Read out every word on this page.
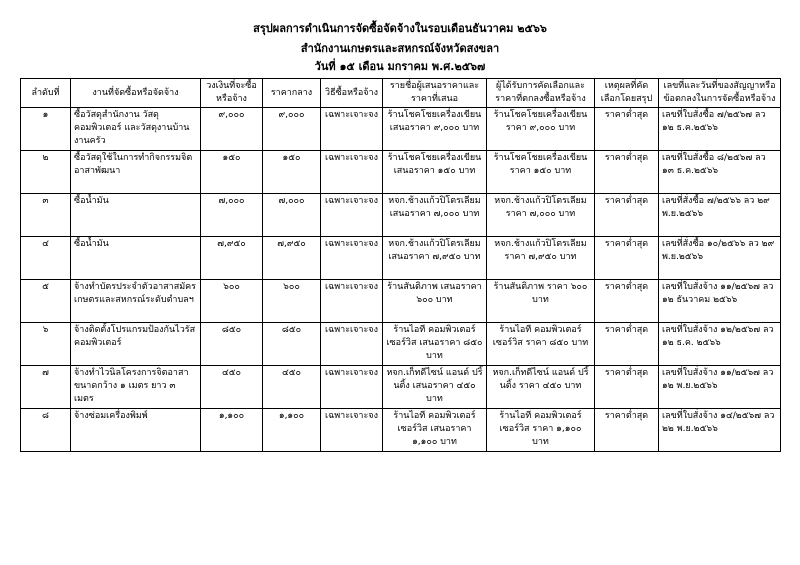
สรุปผลการดำเนินการจัดซื้อจัดจ้างในรอบเดือนธันวาคม ๒๕๖๖
สำนักงานเกษตรและสหกรณ์จังหวัดสงขลา
วันที่ ๑๕ เดือน มกราคม พ.ศ.๒๕๖๗
ลำดับที่	งานที่จัดซื้อหรือจัดจ้าง	วงเงินที่จะซื้อหรือจ้าง	ราคากลาง	วิธีซื้อหรือจ้าง	รายชื่อผู้เสนอราคาและราคาที่เสนอ	ผู้ได้รับการคัดเลือกและราคาที่ตกลงซื้อหรือจ้าง	เหตุผลที่คัดเลือกโดยสรุป	เลขที่และวันที่ของสัญญาหรือข้อตกลงในการจัดซื้อหรือจ้าง
๑	ซื้อวัสดุสำนักงาน วัสดุคอมพิวเตอร์ และวัสดุงานบ้านงานครัว	๙,๐๐๐	๙,๐๐๐	เฉพาะเจาะจง	ร้านโชคโชยเครื่องเขียน เสนอราคา ๙,๐๐๐ บาท	ร้านโชคโชยเครื่องเขียน ราคา ๙,๐๐๐ บาท	ราคาต่ำสุด	เลขที่ใบสั่งซื้อ ๗/๒๕๖๗ ลว ๑๒ ธ.ค.๒๕๖๖
๒	ซื้อวัสดุใช้ในการทำกิจกรรมจิตอาสาพัฒนา	๑๕๐	๑๕๐	เฉพาะเจาะจง	ร้านโชคโชยเครื่องเขียน เสนอราคา ๑๕๐ บาท	ร้านโชคโชยเครื่องเขียน ราคา ๑๕๐ บาท	ราคาต่ำสุด	เลขที่ใบสั่งซื้อ ๘/๒๕๖๗ ลว ๑๓ ธ.ค.๒๕๖๖
๓	ซื้อน้ำมัน	๗,๐๐๐	๗,๐๐๐	เฉพาะเจาะจง	หจก.ช้างแก้วปิโตรเลียม เสนอราคา ๗,๐๐๐ บาท	หจก.ช้างแก้วปิโตรเลียม ราคา ๗,๐๐๐ บาท	ราคาต่ำสุด	เลขที่สั่งซื้อ ๗/๒๕๖๖ ลว ๒๙ พ.ย.๒๕๖๖
๔	ซื้อน้ำมัน	๗,๙๕๐	๗,๙๕๐	เฉพาะเจาะจง	หจก.ช้างแก้วปิโตรเลียม เสนอราคา ๗,๙๕๐ บาท	หจก.ช้างแก้วปิโตรเลียม ราคา ๗,๙๕๐ บาท	ราคาต่ำสุด	เลขที่สั่งซื้อ ๑๐/๒๕๖๖ ลว ๒๙ พ.ย.๒๕๖๖
๕	จ้างทำบัตรประจำตัวอาสาสมัครเกษตรและสหกรณ์ระดับตำบลฯ	๖๐๐	๖๐๐	เฉพาะเจาะจง	ร้านสันติภาพ เสนอราคา ๖๐๐ บาท	ร้านสันติภาพ ราคา ๖๐๐ บาท	ราคาต่ำสุด	เลขที่ใบสั่งจ้าง ๑๑/๒๕๖๗ ลว ๑๒ ธันวาคม ๒๕๖๖
๖	จ้างติดตั้งโปรแกรมป้องกันไวรัสคอมพิวเตอร์	๘๕๐	๘๕๐	เฉพาะเจาะจง	ร้านไอที คอมพิวเตอร์ เซอร์วิส เสนอราคา ๘๕๐ บาท	ร้านไอที คอมพิวเตอร์ เซอร์วิส ราคา ๘๕๐ บาท	ราคาต่ำสุด	เลขที่ใบสั่งจ้าง ๑๒/๒๕๖๗ ลว ๑๒ ธ.ค. ๒๕๖๖
๗	จ้างทำไวนิลโครงการจิตอาสา ขนาดกว้าง ๑ เมตร ยาว ๓ เมตร	๔๕๐	๔๕๐	เฉพาะเจาะจง	หจก.เก็ทดีไซน์ แอนด์ ปริ้นติ้ง เสนอราคา ๔๕๐ บาท	หจก.เก็ทดีไซน์ แอนด์ ปริ้นติ้ง ราคา ๔๕๐ บาท	ราคาต่ำสุด	เลขที่ใบสั่งจ้าง ๑๑/๒๕๖๗ ลว ๑๒ พ.ย.๒๕๖๖
๘	จ้างซ่อมเครื่องพิมพ์	๑,๑๐๐	๑,๑๐๐	เฉพาะเจาะจง	ร้านไอที คอมพิวเตอร์ เซอร์วิส เสนอราคา ๑,๑๐๐ บาท	ร้านไอที คอมพิวเตอร์ เซอร์วิส ราคา ๑,๑๐๐ บาท	ราคาต่ำสุด	เลขที่ใบสั่งจ้าง ๑๔/๒๕๖๗ ลว ๒๒ พ.ย.๒๕๖๖
